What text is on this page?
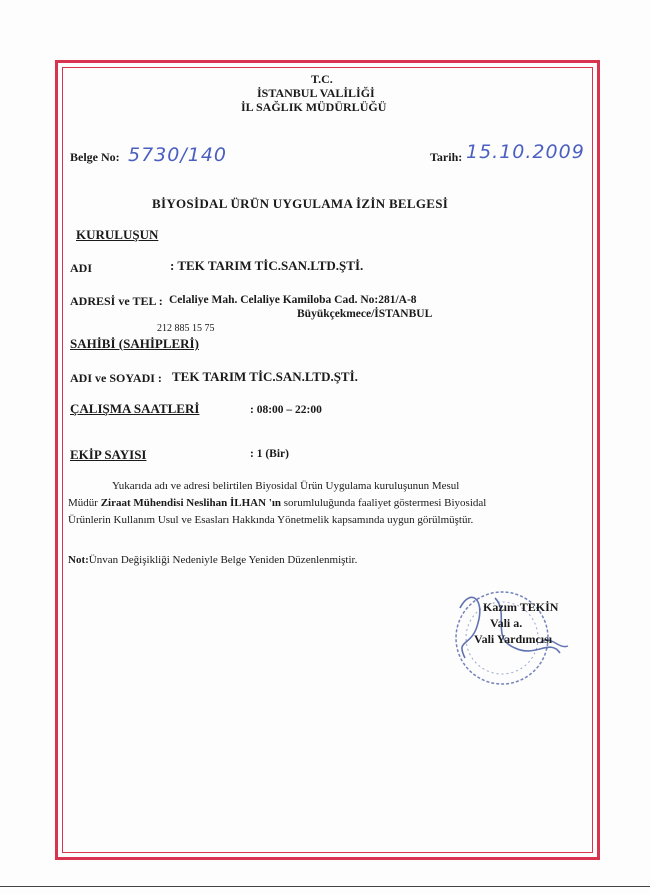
T.C.
İSTANBUL VALİLİĞİ
İL SAĞLIK MÜDÜRLÜĞÜ
Belge No: 5730/140	Tarih: 15.10.2009
BİYOSİDAL ÜRÜN UYGULAMA İZİN BELGESİ
KURULUŞUN
ADI	: TEK TARIM TİC.SAN.LTD.ŞTİ.
ADRESİ ve TEL : Celaliye Mah. Celaliye Kamiloba Cad. No:281/A-8
Büyükçekmece/İSTANBUL
212 885 15 75
SAHİBİ (SAHİPLERİ)
ADI ve SOYADI : TEK TARIM TİC.SAN.LTD.ŞTİ.
ÇALIŞMA SAATLERİ	: 08:00 – 22:00
EKİP SAYISI	: 1 (Bir)
Yukarıda adı ve adresi belirtilen Biyosidal Ürün Uygulama kuruluşunun Mesul
Müdür Ziraat Mühendisi Neslihan İLHAN 'ın sorumluluğunda faaliyet göstermesi Biyosidal
Ürünlerin Kullanım Usul ve Esasları Hakkında Yönetmelik kapsamında uygun görülmüştür.
Not:Ünvan Değişikliği Nedeniyle Belge Yeniden Düzenlenmiştir.
Kazım TEKİN
Vali a.
Vali Yardımcısı
